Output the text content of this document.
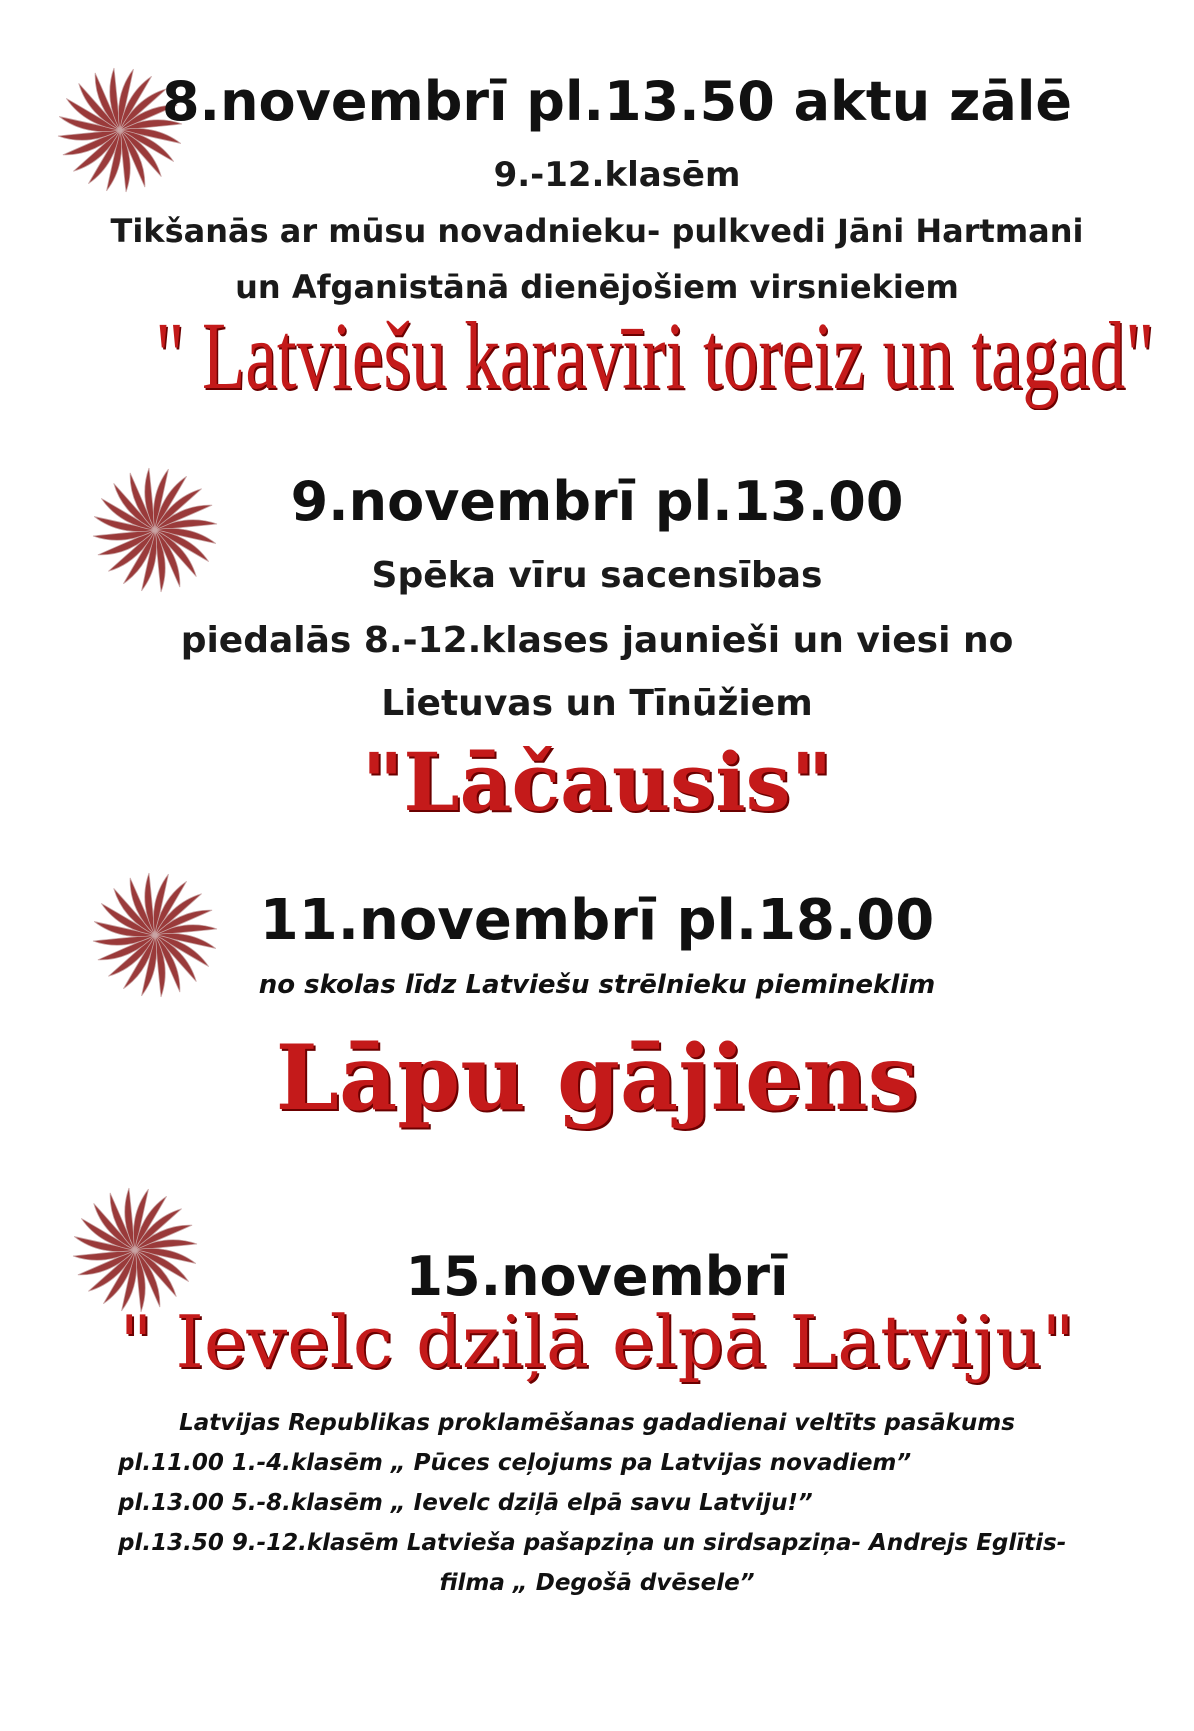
8.novembrī pl.13.50 aktu zālē
9.-12.klasēm
Tikšanās ar mūsu novadnieku- pulkvedi Jāni Hartmani
un Afganistānā dienējošiem virsniekiem
" Latviešu karavīri toreiz un tagad"
9.novembrī pl.13.00
Spēka vīru sacensības
piedalās 8.-12.klases jaunieši un viesi no
Lietuvas un Tīnūžiem
"Lāčausis"
11.novembrī pl.18.00
no skolas līdz Latviešu strēlnieku piemineklim
Lāpu gājiens
15.novembrī
" Ievelc dziļā elpā Latviju"
Latvijas Republikas proklamēšanas gadadienai veltīts pasākums
pl.11.00 1.-4.klasēm „ Pūces ceļojums pa Latvijas novadiem”
pl.13.00 5.-8.klasēm „ Ievelc dziļā elpā savu Latviju!”
pl.13.50 9.-12.klasēm Latvieša pašapziņa un sirdsapziņa- Andrejs Eglītis-
filma „ Degošā dvēsele”
